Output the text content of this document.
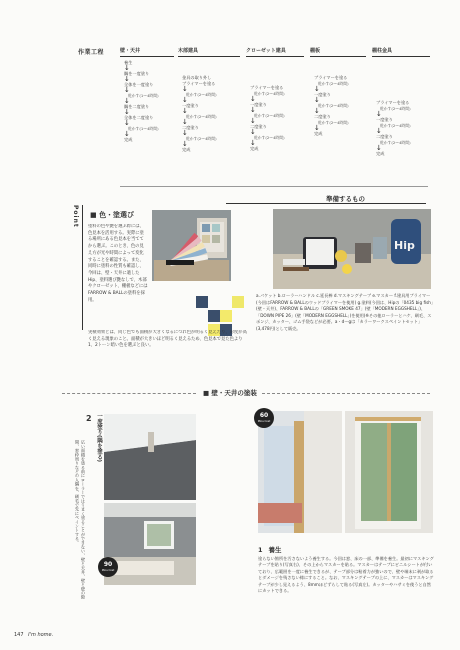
作業工程	壁・天井
養生
↓
隅を一度塗り
↓
全体を一度塗り
↓
乾かす(1〜4時間)
↓
隅を二度塗り
↓
全体を二度塗り
↓
乾かす(1〜4時間)
↓
完成
木部建具
金具の取り外し
プライマーを塗る
↓
乾かす(2〜4時間)
↓
一度塗り
↓
乾かす(2〜4時間)
↓
二度塗り
↓
乾かす(2〜4時間)
↓
完成
クローゼット建具
プライマーを塗る
乾かす(2〜4時間)
↓
一度塗り
↓
乾かす(2〜4時間)
↓
二度塗り
↓
乾かす(2〜4時間)
↓
完成
棚板
プライマーを塗る
乾かす(2〜4時間)
↓
一度塗り
↓
乾かす(2〜4時間)
↓
二度塗り
乾かす(2〜4時間)
↓
完成
棚柱金具
プライマーを塗る
乾かす(2〜4時間)
↓
一度塗り
乾かす(2〜4時間)
↓
二度塗り
乾かす(2〜4時間)
↓
完成
Point ■ 色・塗選び
塗料の色や艶を選ぶ際には、色見本を活用する。実際に塗る場所にある色見本を当ててから選ぶ。このとき、色の見え方が光や時間によって変化することを確認する。また、同時に塗料の性質も確認し、今回は、壁・天井に適したHip、塗料選び艶なしで、木部やクローゼット、棚板などにはFARROW & BALLの塗料を採用。
実積効果とは、同じ色でも面積が大きくなるにつれ色が明るく見えたり、彩度が高く見える現象のこと。面積が大きいほど明るく見えるため、色見本で見た色より1、2トーン暗い色を選ぶと良い。
準備するもの
Hip
a.パケット b.ローラーハンドル c.延長棒 d.マスキングテープ e.マスカー f.建具用プライマー(今回はFARROW & BALLのウッドプライマーを使用) g.塗料(今回は、Hipの「0435 big fish」(壁・天井)、FARROW & BALLの「GREEN SMOKE 47」(壁「MODERN EGGSHELL」)、「DOWN PIPE 26」(壁「MODERN EGGSHELL」)を使用)※その他ローラーとハケ、刷毛、スポンジ、カッター、ゴム手袋などが必要。a・d〜gは「カラーワークスペイントセット」(3,478円)として販売。
■ 壁・天井の塗装
2 一度塗り(隅を塗る)
広い面積を塗る前にローラーではうまく塗ることができない、壁と天井、壁と壁の隙間、窓枠周りなどの入隅を、刷毛で先にペイントする。
90
Mins Cost
60
Mins Cost
1 養生
塗らない箇所を汚さないよう養生する。今回は窓、床の一部、準備を養生。最初にマスキングテープを貼り(写真右)、その上からマスカーを貼る。マスカーはテープにビニルシートが付いており、広範囲を一度に養生できるが、テープ部分は粘着力が強いので、壁や端末に剥が取るとダメージを残さない様にすること。なお、マスキングテープの上に、マスカーはマスキングテープが少し見えるよう、8mmほどずらして貼る(写真左)。カッターやハサミを使うと自然にカットできる。
147 I'm home.
